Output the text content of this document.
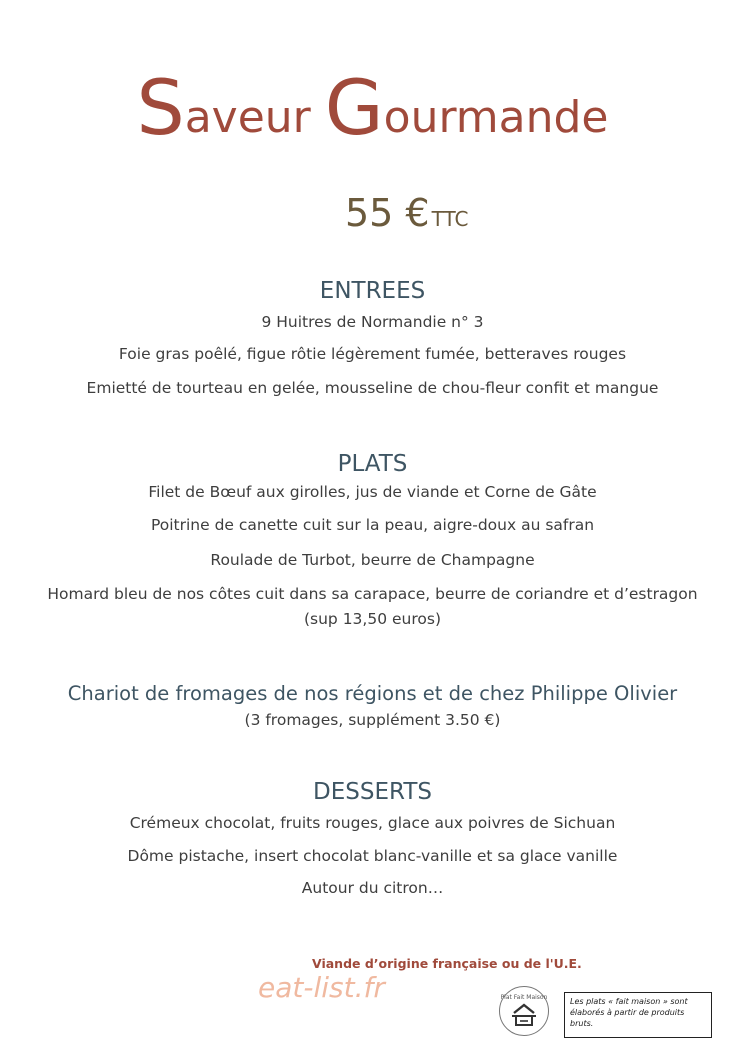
Saveur Gourmande
55 € TTC
ENTREES
9 Huitres de Normandie n° 3
Foie gras poêlé, figue rôtie légèrement fumée, betteraves rouges
Emietté de tourteau en gelée, mousseline de chou-fleur confit et mangue
PLATS
Filet de Bœuf aux girolles, jus de viande et Corne de Gâte
Poitrine de canette cuit sur la peau, aigre-doux au safran
Roulade de Turbot, beurre de Champagne
Homard bleu de nos côtes cuit dans sa carapace, beurre de coriandre et d’estragon
(sup 13,50 euros)
Chariot de fromages de nos régions et de chez Philippe Olivier
(3 fromages, supplément 3.50 €)
DESSERTS
Crémeux chocolat, fruits rouges, glace aux poivres de Sichuan
Dôme pistache, insert chocolat blanc-vanille et sa glace vanille
Autour du citron…
Viande d’origine française ou de l'U.E.
eat-list.fr	Plat Fait Maison	Les plats « fait maison » sont élaborés à partir de produits bruts.
